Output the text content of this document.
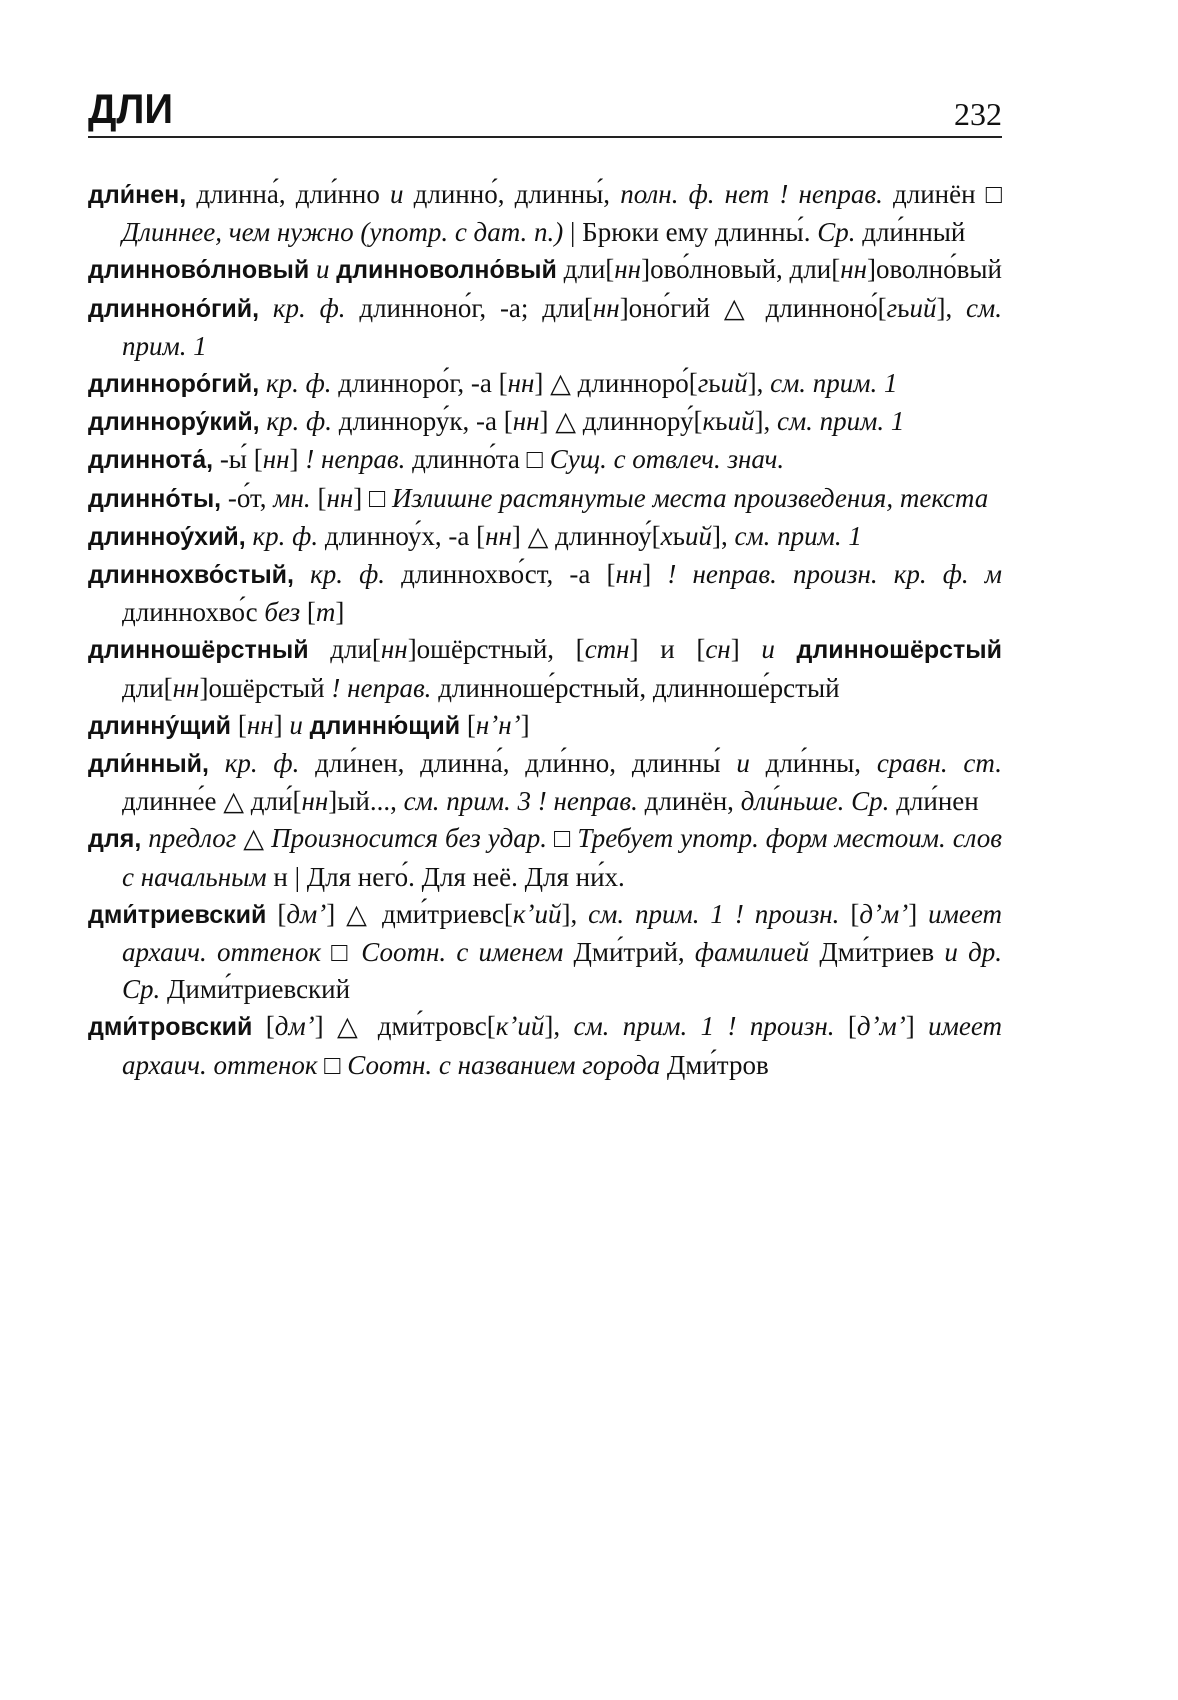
ДЛИ	232

дли́нен, длинна́, дли́нно и длинно́, длинны́, полн. ф. нет ! неправ. длинён □ Длиннее, чем нужно (употр. с дат. п.) | Брюки ему длинны́. Ср. дли́нный

длинново́лновый и длинноволно́вый дли[нн]ово́лновый, дли[нн]оволно́вый

длинноно́гий, кр. ф. длинноно́г, -а; дли[нн]оно́гий △ длинноно́[гьий], см. прим. 1

длиннoро́гий, кр. ф. длинноро́г, -а [нн] △ длинноро́[гьий], см. прим. 1

длиннору́кий, кр. ф. длиннору́к, -а [нн] △ длиннору́[кьий], см. прим. 1

длиннота́, -ы́ [нн] ! неправ. длинно́та □ Сущ. с отвлеч. знач.

длинно́ты, -о́т, мн. [нн] □ Излишне растянутые места произведения, текста

длинноу́хий, кр. ф. длинноу́х, -а [нн] △ длинноу́[хьий], см. прим. 1

длиннохво́стый, кр. ф. длиннохво́ст, -а [нн] ! неправ. произн. кр. ф. м длиннохво́с без [т]

длинношёрстный дли[нн]ошёрстный, [стн] и [сн] и длинношёрстый дли[нн]ошёрстый ! неправ. длинноше́рстный, длинноше́рстый

длинну́щий [нн] и длинню́щий [нʼнʼ]

дли́нный, кр. ф. дли́нен, длинна́, дли́нно, длинны́ и дли́нны, сравн. ст. длинне́е △ дли́[нн]ый..., см. прим. 3 ! неправ. длинён, дли́ньше. Ср. дли́нен

для, предлог △ Произносится без удар. □ Требует употр. форм местоим. слов с начальным н | Для него́. Для неё. Для ни́х.

дми́триевский [дмʼ] △ дми́триевс[кʼий], см. прим. 1 ! произн. [дʼмʼ] имеет архаич. оттенок □ Соотн. с именем Дми́трий, фамилией Дми́триев и др. Ср. Дими́триевский

дми́тровский [дмʼ] △ дми́тровс[кʼий], см. прим. 1 ! произн. [дʼмʼ] имеет архаич. оттенок □ Соотн. с названием города Дми́тров
